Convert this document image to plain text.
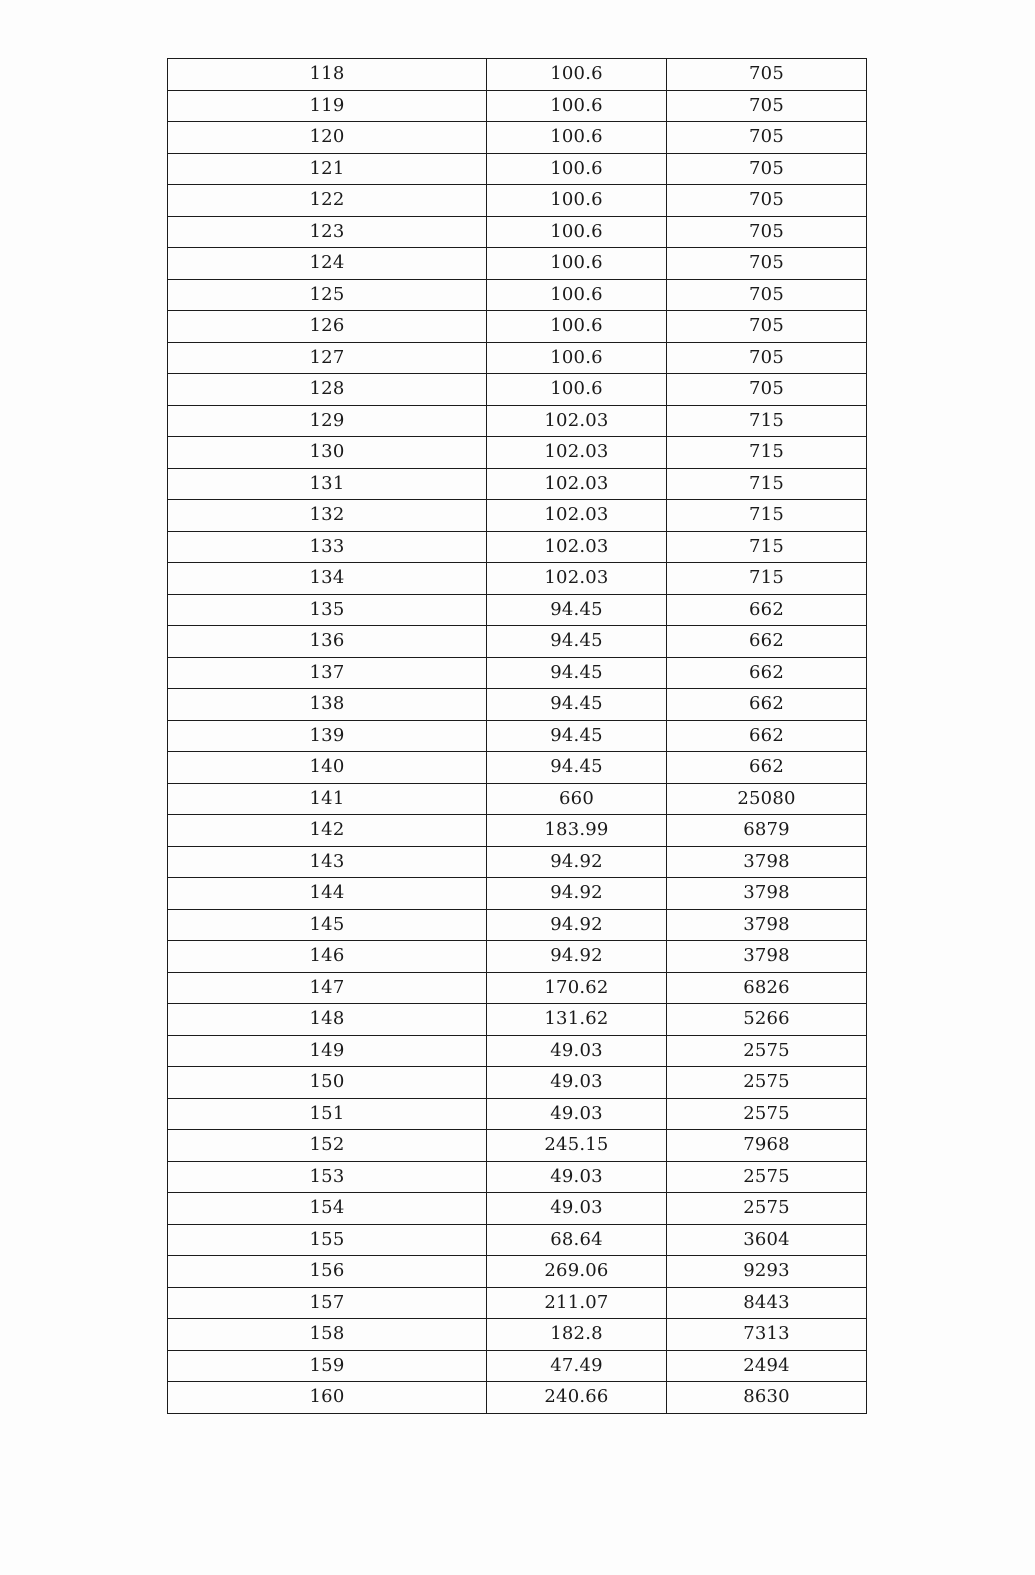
118	100.6	705
119	100.6	705
120	100.6	705
121	100.6	705
122	100.6	705
123	100.6	705
124	100.6	705
125	100.6	705
126	100.6	705
127	100.6	705
128	100.6	705
129	102.03	715
130	102.03	715
131	102.03	715
132	102.03	715
133	102.03	715
134	102.03	715
135	94.45	662
136	94.45	662
137	94.45	662
138	94.45	662
139	94.45	662
140	94.45	662
141	660	25080
142	183.99	6879
143	94.92	3798
144	94.92	3798
145	94.92	3798
146	94.92	3798
147	170.62	6826
148	131.62	5266
149	49.03	2575
150	49.03	2575
151	49.03	2575
152	245.15	7968
153	49.03	2575
154	49.03	2575
155	68.64	3604
156	269.06	9293
157	211.07	8443
158	182.8	7313
159	47.49	2494
160	240.66	8630
